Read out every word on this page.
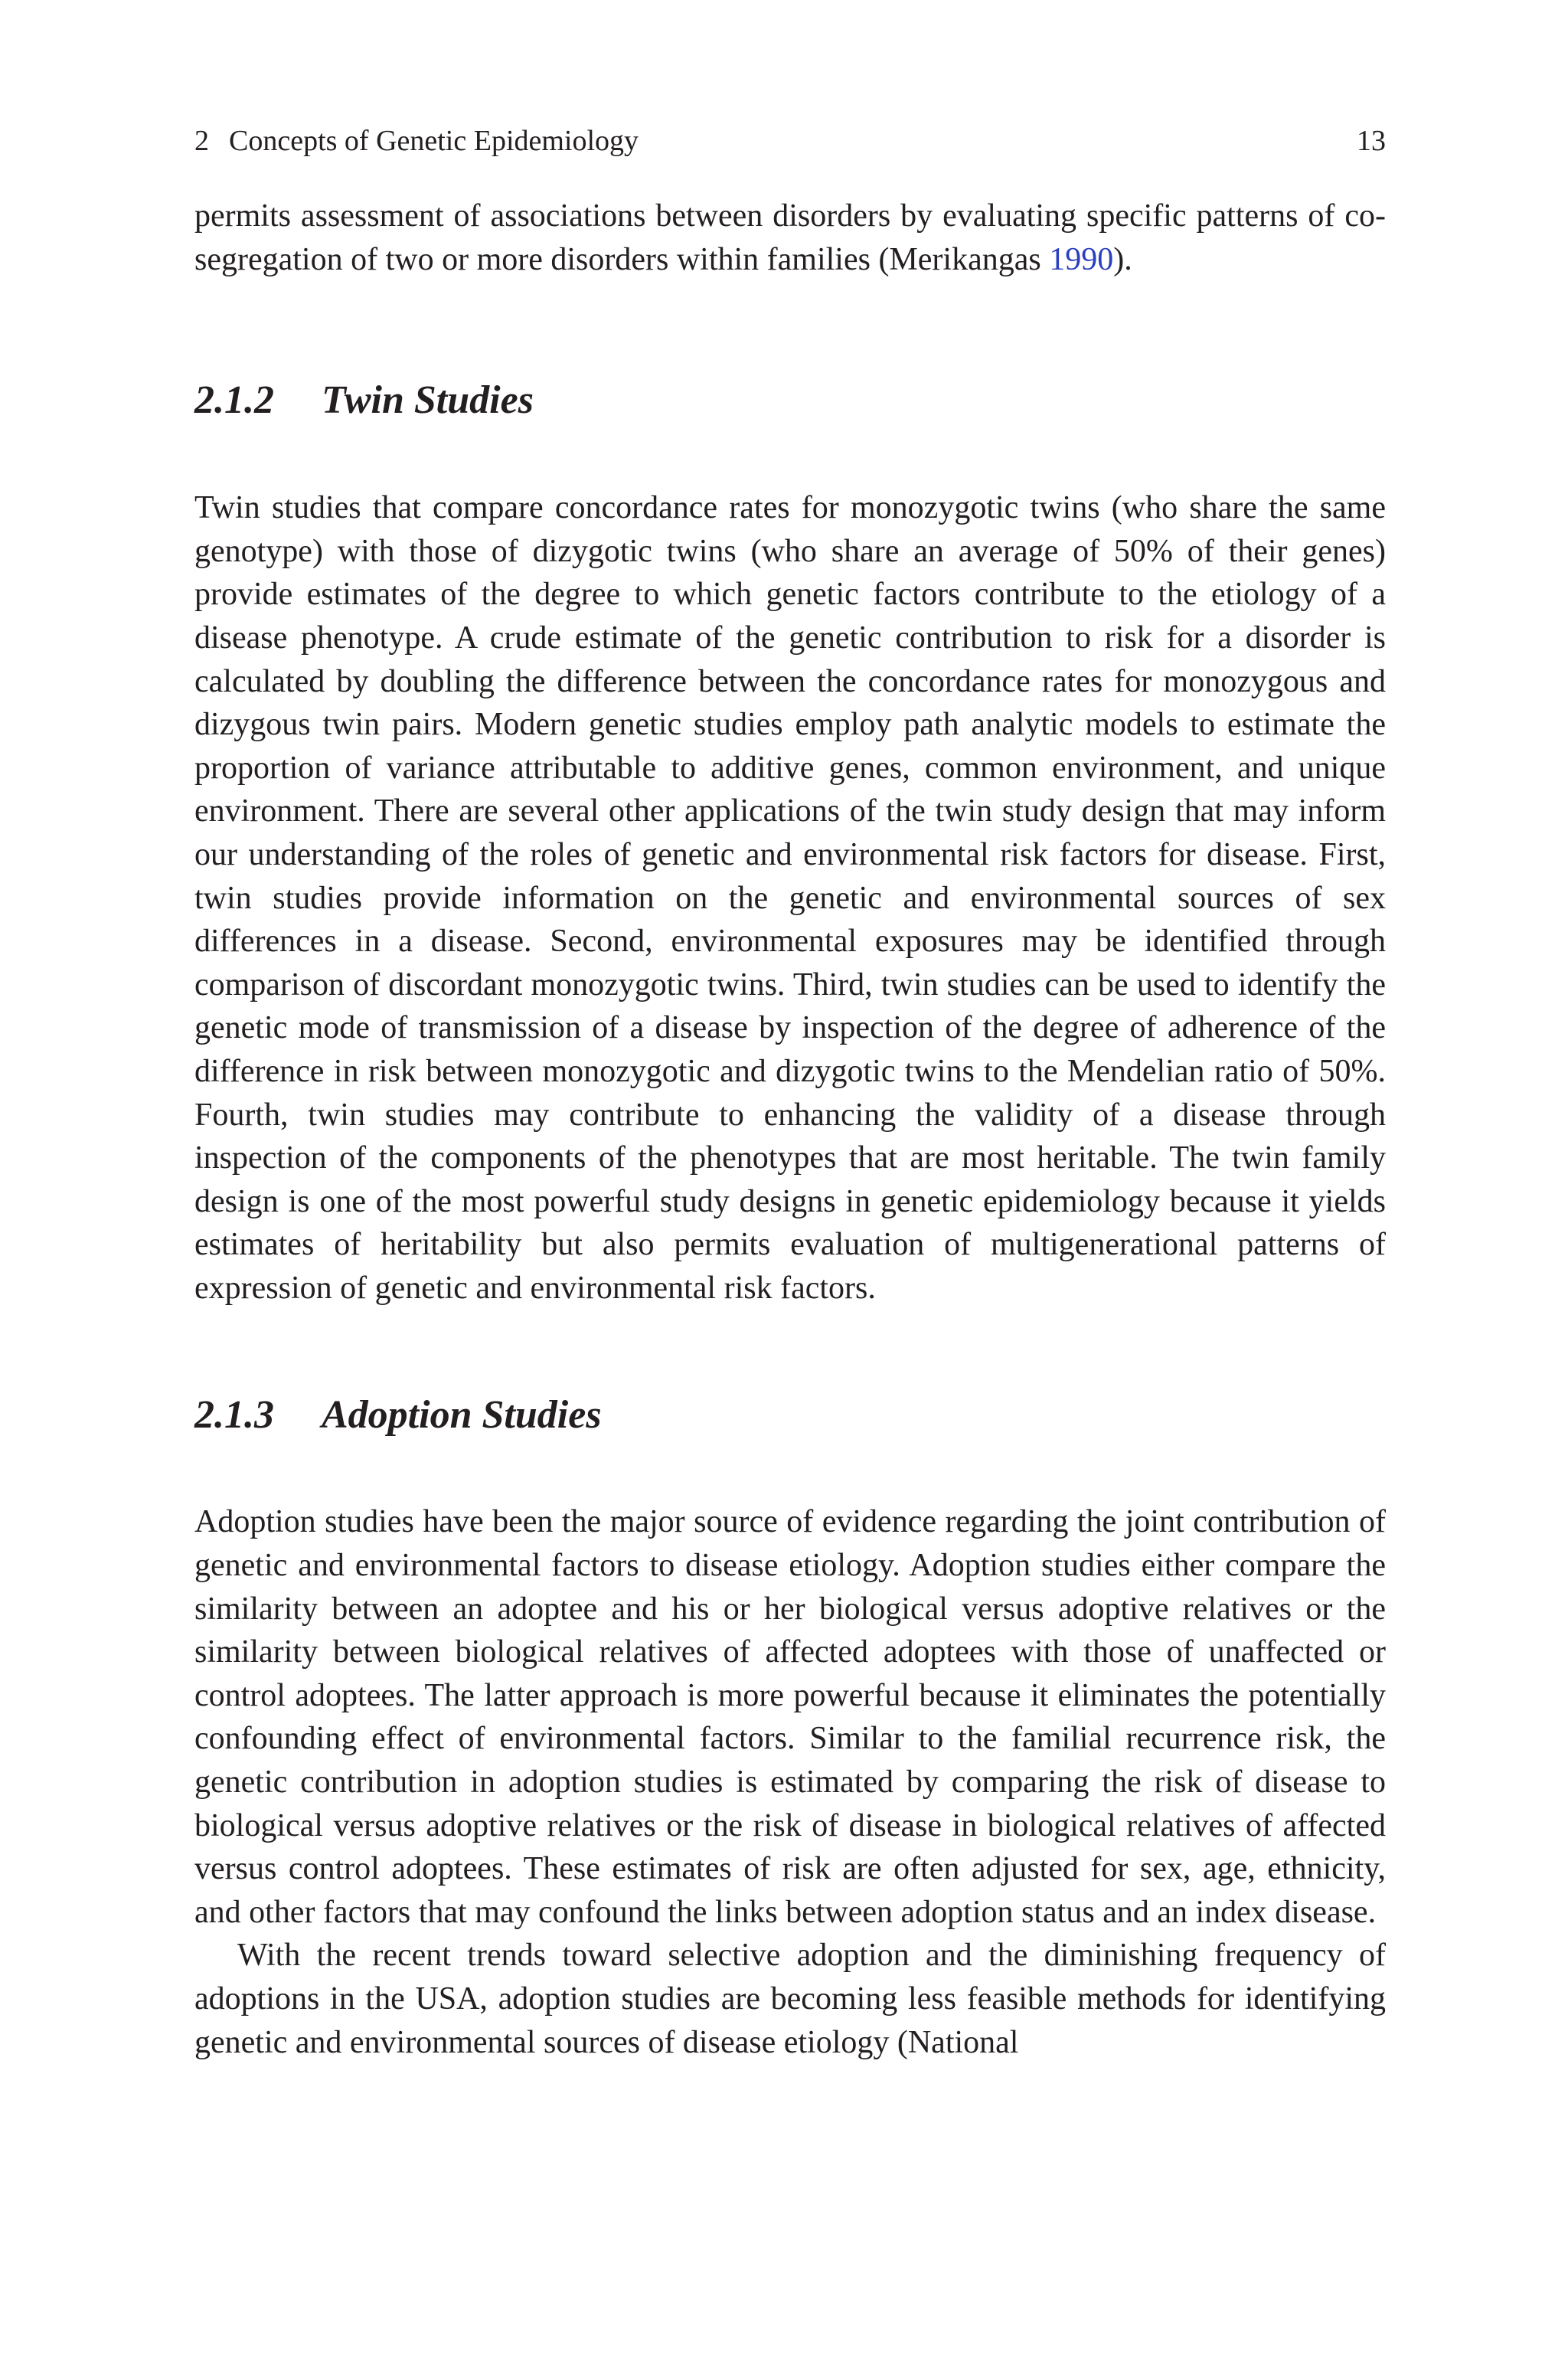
2 Concepts of Genetic Epidemiology	13

permits assessment of associations between disorders by evaluating specific patterns of co-segregation of two or more disorders within families (Merikangas 1990).

2.1.2 Twin Studies

Twin studies that compare concordance rates for monozygotic twins (who share the same genotype) with those of dizygotic twins (who share an average of 50% of their genes) provide estimates of the degree to which genetic factors contribute to the etiology of a disease phenotype. A crude estimate of the genetic contribution to risk for a disorder is calculated by doubling the difference between the concordance rates for monozygous and dizygous twin pairs. Modern genetic studies employ path analytic models to estimate the proportion of variance attributable to additive genes, common environment, and unique environment. There are several other applications of the twin study design that may inform our understanding of the roles of genetic and environmental risk factors for disease. First, twin studies provide information on the genetic and environmental sources of sex differences in a disease. Second, environmental exposures may be identified through comparison of discordant monozygotic twins. Third, twin studies can be used to identify the genetic mode of transmission of a disease by inspection of the degree of adherence of the difference in risk between monozygotic and dizygotic twins to the Mendelian ratio of 50%. Fourth, twin studies may contribute to enhancing the validity of a disease through inspection of the components of the phenotypes that are most heritable. The twin family design is one of the most powerful study designs in genetic epidemiology because it yields estimates of heritability but also permits evaluation of multigenerational patterns of expression of genetic and environmental risk factors.

2.1.3 Adoption Studies

Adoption studies have been the major source of evidence regarding the joint contribution of genetic and environmental factors to disease etiology. Adoption studies either compare the similarity between an adoptee and his or her biological versus adoptive relatives or the similarity between biological relatives of affected adoptees with those of unaffected or control adoptees. The latter approach is more powerful because it eliminates the potentially confounding effect of environmental factors. Similar to the familial recurrence risk, the genetic contribution in adoption studies is estimated by comparing the risk of disease to biological versus adoptive relatives or the risk of disease in biological relatives of affected versus control adoptees. These estimates of risk are often adjusted for sex, age, ethnicity, and other factors that may confound the links between adoption status and an index disease.

With the recent trends toward selective adoption and the diminishing frequency of adoptions in the USA, adoption studies are becoming less feasible methods for identifying genetic and environmental sources of disease etiology (National
